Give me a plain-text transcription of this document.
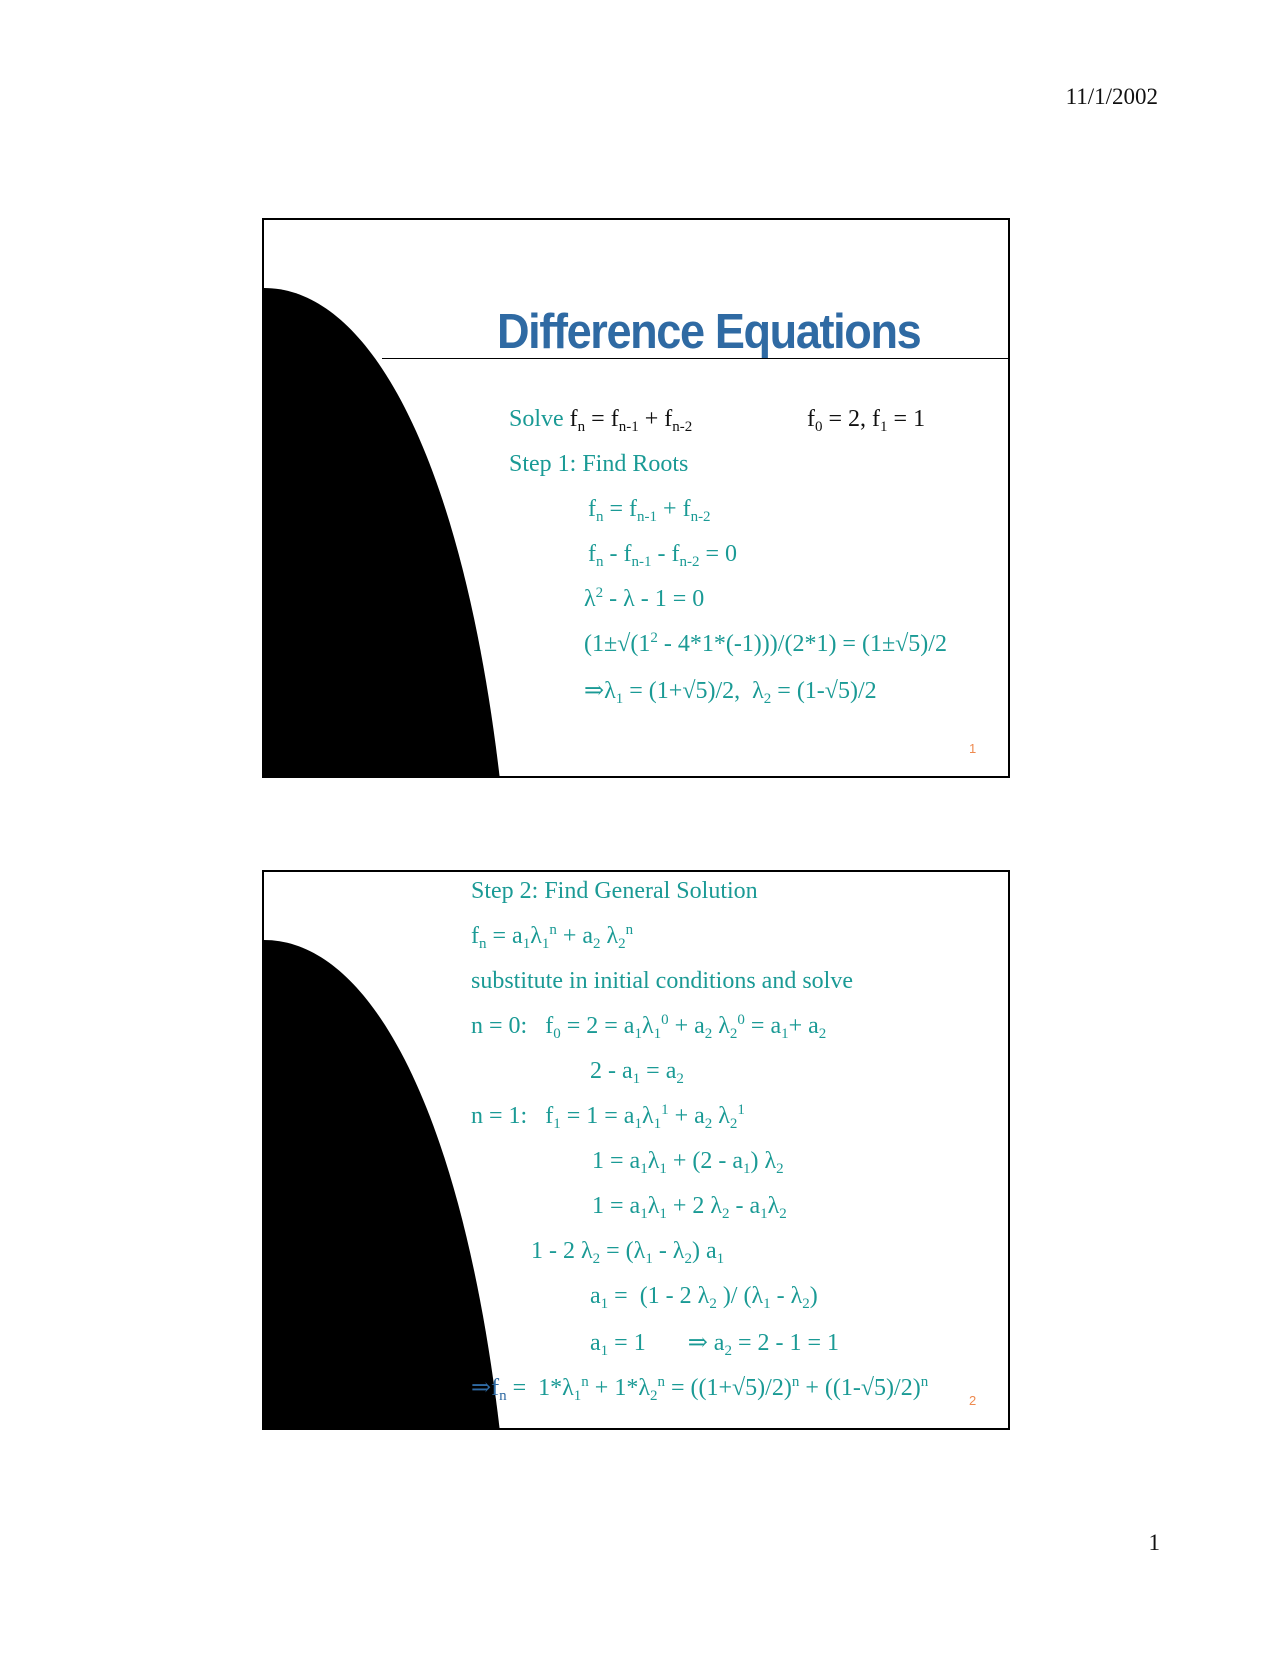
11/1/2002
Difference Equations
Solve $f_n = f_{n-1} + f_{n-2}$	$f_0 = 2$, $f_1 = 1$
Step 1: Find Roots
$f_n = f_{n-1} + f_{n-2}$
$f_n - f_{n-1} - f_{n-2} = 0$
$\lambda^2 - \lambda - 1 = 0$
$(1\pm√(1^2 - 4*1*(-1)))/(2*1) = (1\pm√5)/2$
$\Rightarrow\lambda_1 = (1+√5)/2$,  $\lambda_2 = (1-√5)/2$
1
Step 2: Find General Solution
$f_n = a_1\lambda_1^n + a_2$ $\lambda_2^n$
substitute in initial conditions and solve
n = 0:   $f_0 = 2 = a_1\lambda_1^0 + a_2$ $\lambda_2^0 = a_1+ a_2$
$2 - a_1 = a_2$
n = 1:   $f_1 = 1 = a_1\lambda_1^1 + a_2$ $\lambda_2^1$
$1 = a_1\lambda_1 + (2 - a_1)$ $\lambda_2$
$1 = a_1\lambda_1 + 2$ $\lambda_2 - a_1\lambda_2$
1 - 2 $\lambda_2 = (\lambda_1 - \lambda_2)$ $a_1$
$a_1 = (1 - 2$ $\lambda_2$ )/ $(\lambda_1 - \lambda_2)$
$a_1 = 1$       ⇒ $a_2 = 2 - 1 = 1$
$\Rightarrow f_n = 1*\lambda_1^n + 1*\lambda_2^n = ((1+√5)/2)^n + ((1-√5)/2)^n$
2
1
